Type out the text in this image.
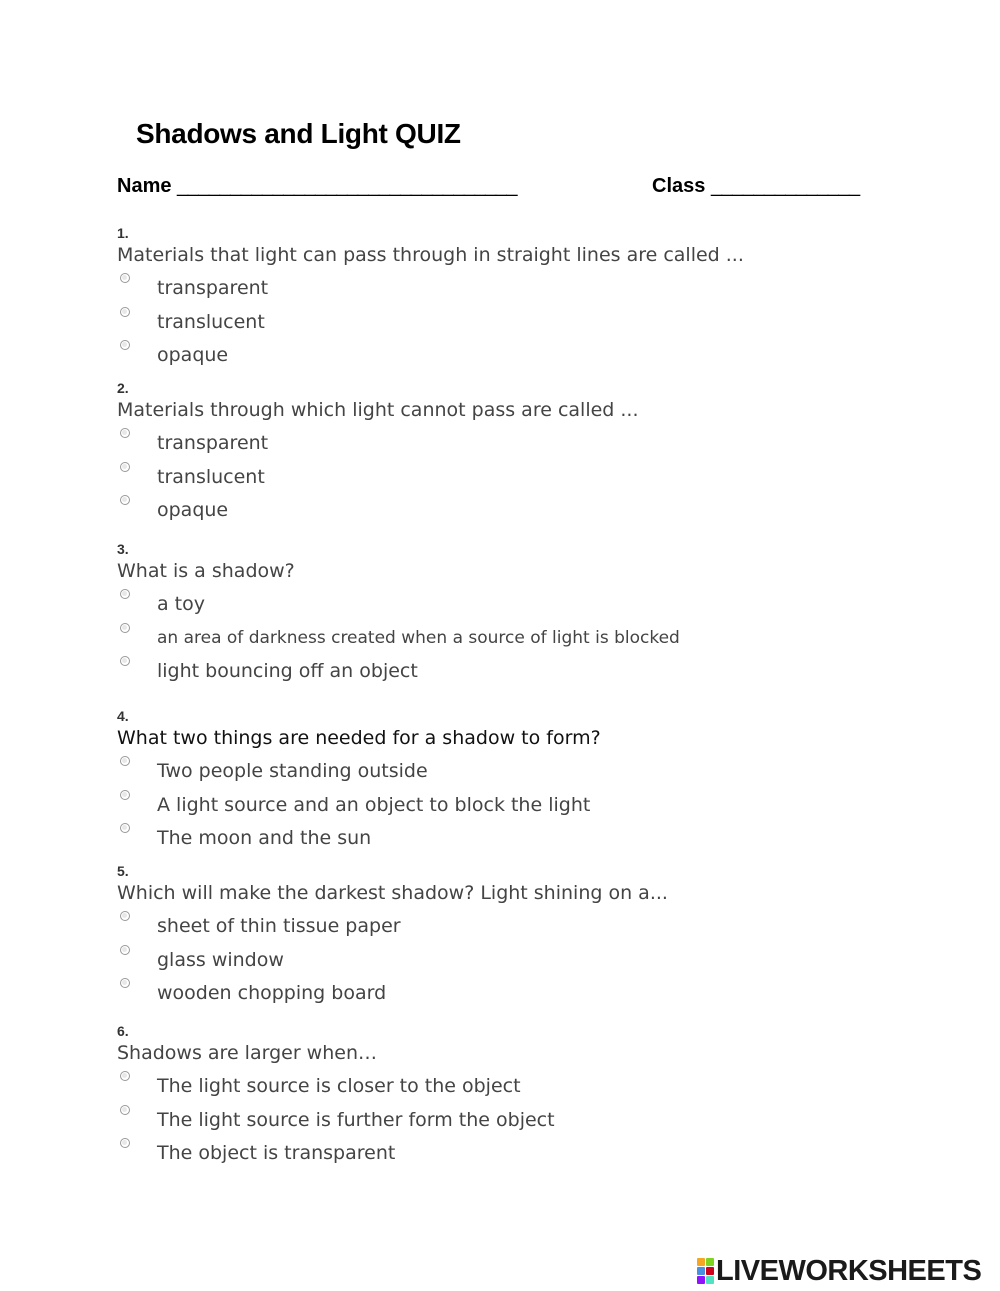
Shadows and Light QUIZ
Name ________________________________	Class ______________
1.
Materials that light can pass through in straight lines are called ...
transparent
translucent
opaque
2.
Materials through which light cannot pass are called ...
transparent
translucent
opaque
3.
What is a shadow?
a toy
an area of darkness created when a source of light is blocked
light bouncing off an object
4.
What two things are needed for a shadow to form?
Two people standing outside
A light source and an object to block the light
The moon and the sun
5.
Which will make the darkest shadow? Light shining on a...
sheet of thin tissue paper
glass window
wooden chopping board
6.
Shadows are larger when…
The light source is closer to the object
The light source is further form the object
The object is transparent
LIVEWORKSHEETS
